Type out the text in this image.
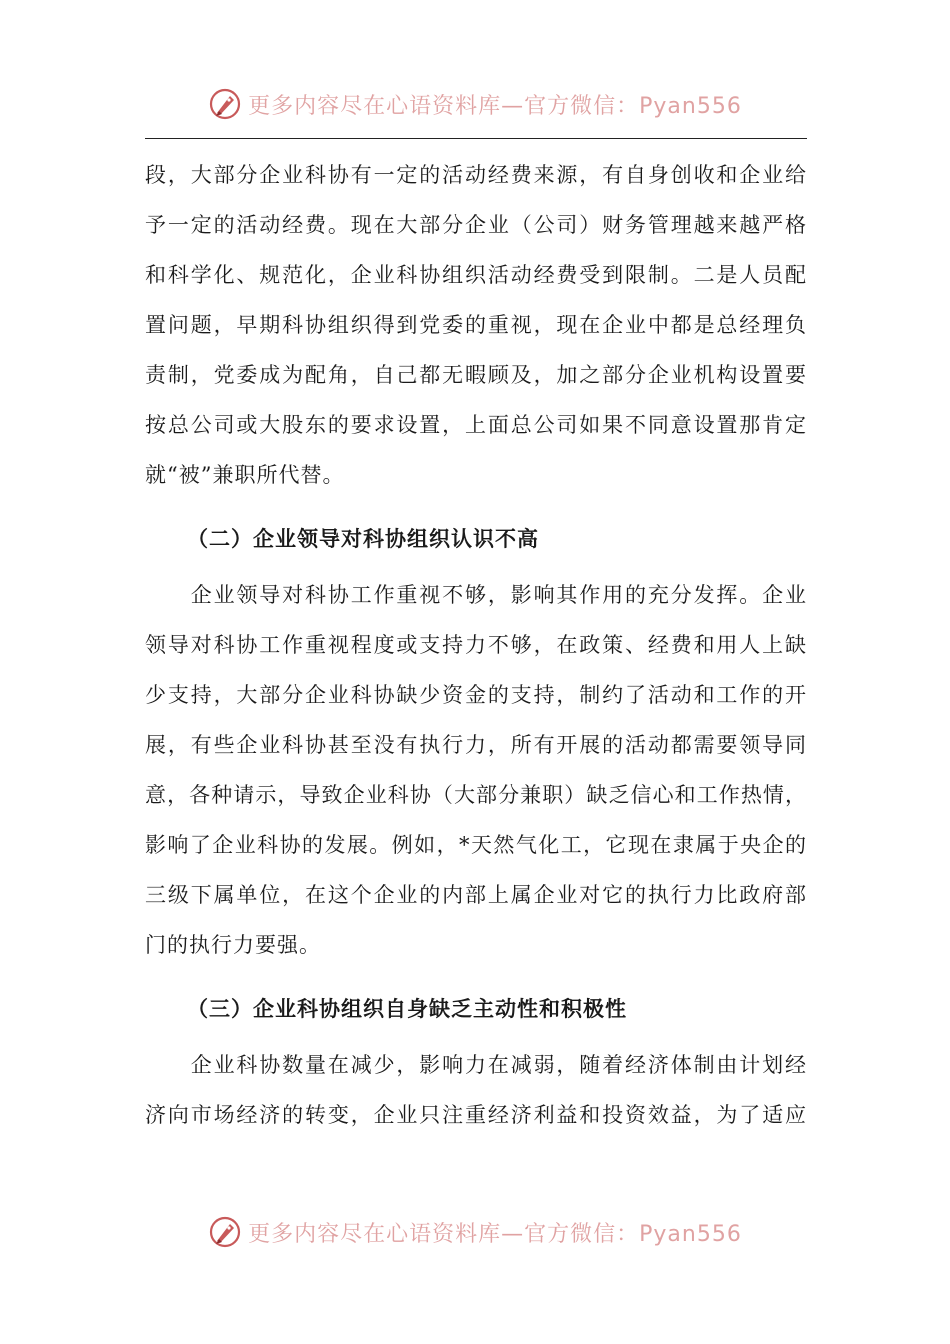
更多内容尽在心语资料库—官方微信：Pyan556
段，大部分企业科协有一定的活动经费来源，有自身创收和企业给
予一定的活动经费。现在大部分企业（公司）财务管理越来越严格
和科学化、规范化，企业科协组织活动经费受到限制。二是人员配
置问题，早期科协组织得到党委的重视，现在企业中都是总经理负
责制，党委成为配角，自己都无暇顾及，加之部分企业机构设置要
按总公司或大股东的要求设置，上面总公司如果不同意设置那肯定
就“被”兼职所代替。
（二）企业领导对科协组织认识不高
　　企业领导对科协工作重视不够，影响其作用的充分发挥。企业
领导对科协工作重视程度或支持力不够，在政策、经费和用人上缺
少支持，大部分企业科协缺少资金的支持，制约了活动和工作的开
展，有些企业科协甚至没有执行力，所有开展的活动都需要领导同
意，各种请示，导致企业科协（大部分兼职）缺乏信心和工作热情，
影响了企业科协的发展。例如，*天然气化工，它现在隶属于央企的
三级下属单位，在这个企业的内部上属企业对它的执行力比政府部
门的执行力要强。
（三）企业科协组织自身缺乏主动性和积极性
　　企业科协数量在减少，影响力在减弱，随着经济体制由计划经
济向市场经济的转变，企业只注重经济利益和投资效益，为了适应
更多内容尽在心语资料库—官方微信：Pyan556
